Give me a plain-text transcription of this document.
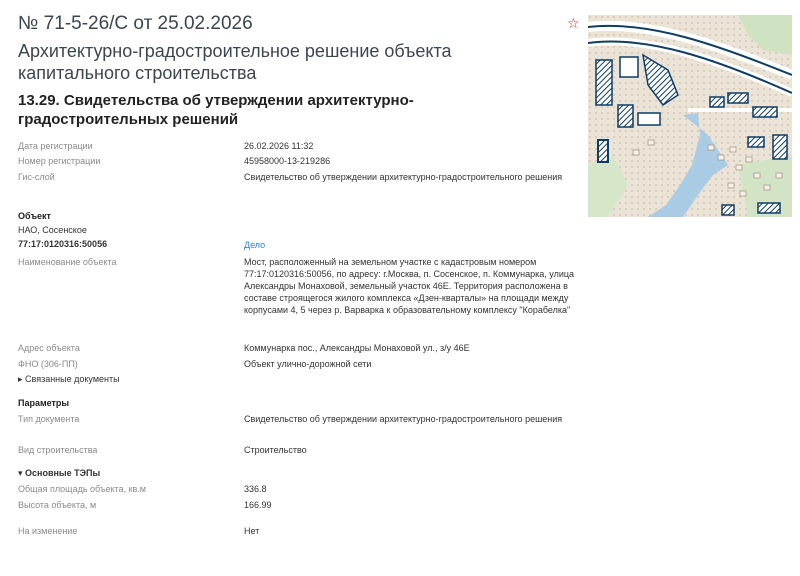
№ 71-5-26/С от 25.02.2026
Архитектурно-градостроительное решение объекта капитального строительства
☆
13.29. Свидетельства об утверждении архитектурно-градостроительных решений
Дата регистрации	26.02.2026 11:32
Номер регистрации	45958000-13-219286
Гис-слой	Свидетельство об утверждении архитектурно-градостроительного решения
Объект
НАО, Сосенское
77:17:0120316:50056	Дело
Наименование объекта	Мост, расположенный на земельном участке с кадастровым номером 77:17:0120316:50056, по адресу: г.Москва, п. Сосенское, п. Коммунарка, улица Александры Монаховой, земельный участок 46Е. Территория расположена в составе строящегося жилого комплекса «Дзен-кварталы» на площади между корпусами 4, 5 через р. Варварка к образовательному комплексу "Корабелка"
Адрес объекта	Коммунарка пос., Александры Монаховой ул., з/у 46Е
ФНО (306-ПП)	Объект улично-дорожной сети
▸ Связанные документы
Параметры
Тип документа	Свидетельство об утверждении архитектурно-градостроительного решения
Вид строительства	Строительство
▾ Основные ТЭПы
Общая площадь объекта, кв.м	336.8
Высота объекта, м	166.99
На изменение	Нет
